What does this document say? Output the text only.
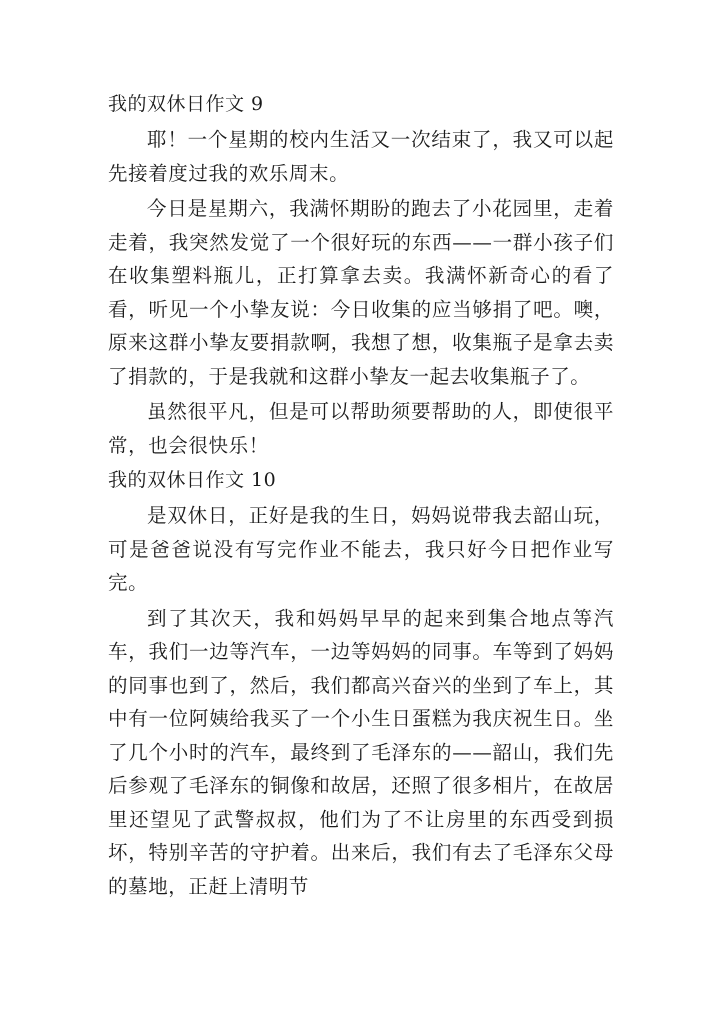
我的双休日作文 9

耶！一个星期的校内生活又一次结束了，我又可以起先接着度过我的欢乐周末。

今日是星期六，我满怀期盼的跑去了小花园里，走着走着，我突然发觉了一个很好玩的东西——一群小孩子们在收集塑料瓶儿，正打算拿去卖。我满怀新奇心的看了看，听见一个小挚友说：今日收集的应当够捐了吧。噢，原来这群小挚友要捐款啊，我想了想，收集瓶子是拿去卖了捐款的，于是我就和这群小挚友一起去收集瓶子了。

虽然很平凡，但是可以帮助须要帮助的人，即使很平常，也会很快乐！

我的双休日作文 10

是双休日，正好是我的生日，妈妈说带我去韶山玩，可是爸爸说没有写完作业不能去，我只好今日把作业写完。

到了其次天，我和妈妈早早的起来到集合地点等汽车，我们一边等汽车，一边等妈妈的同事。车等到了妈妈的同事也到了，然后，我们都高兴奋兴的坐到了车上，其中有一位阿姨给我买了一个小生日蛋糕为我庆祝生日。坐了几个小时的汽车，最终到了毛泽东的——韶山，我们先后参观了毛泽东的铜像和故居，还照了很多相片，在故居里还望见了武警叔叔，他们为了不让房里的东西受到损坏，特别辛苦的守护着。出来后，我们有去了毛泽东父母的墓地，正赶上清明节
